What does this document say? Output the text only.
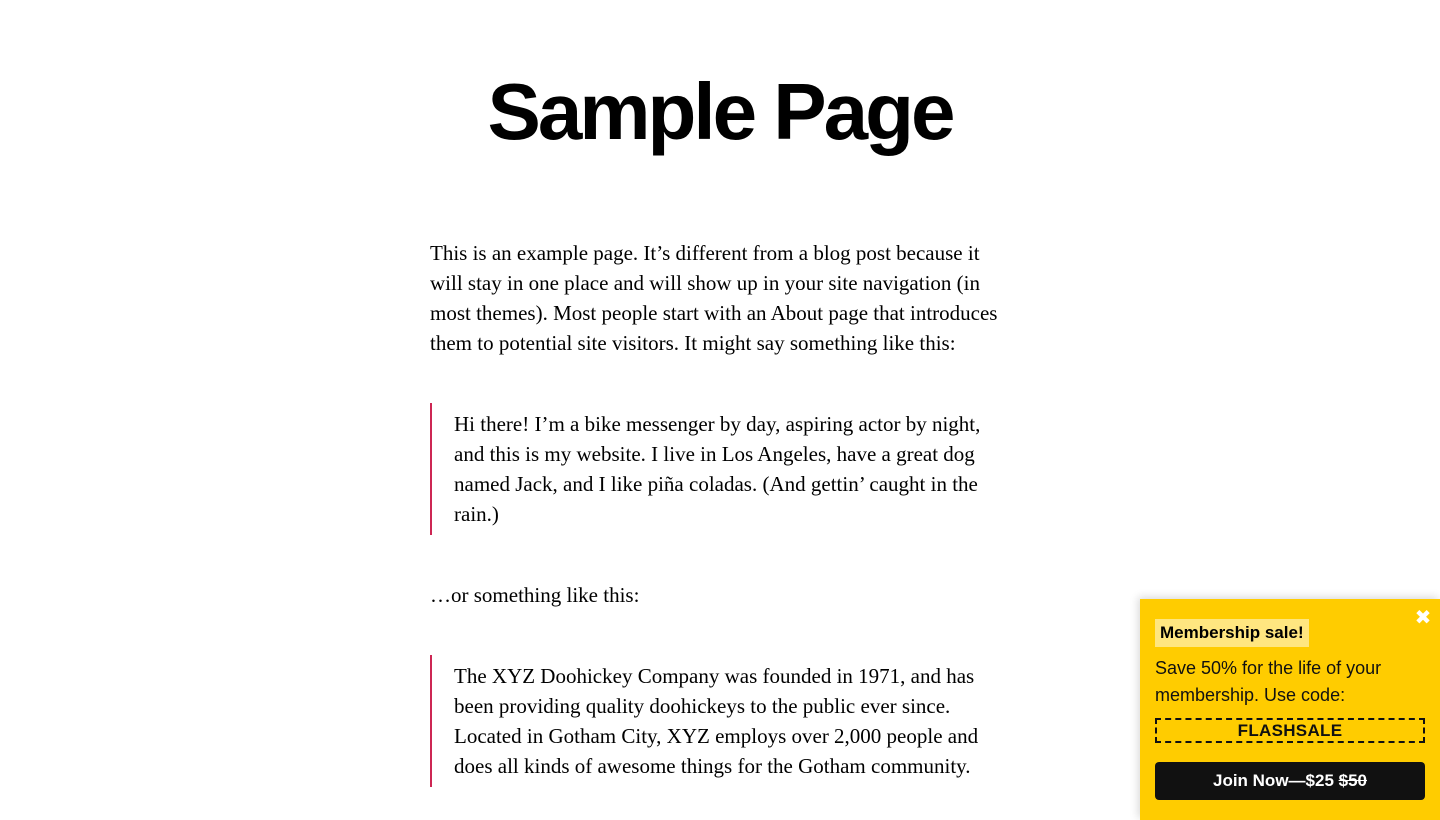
Sample Page

This is an example page. It’s different from a blog post because it will stay in one place and will show up in your site navigation (in most themes). Most people start with an About page that introduces them to potential site visitors. It might say something like this:

Hi there! I’m a bike messenger by day, aspiring actor by night, and this is my website. I live in Los Angeles, have a great dog named Jack, and I like piña coladas. (And gettin’ caught in the rain.)

…or something like this:

The XYZ Doohickey Company was founded in 1971, and has been providing quality doohickeys to the public ever since. Located in Gotham City, XYZ employs over 2,000 people and does all kinds of awesome things for the Gotham community.

✖
Membership sale!

Save 50% for the life of your membership. Use code:

FLASHSALE
Join Now—$25 $50
